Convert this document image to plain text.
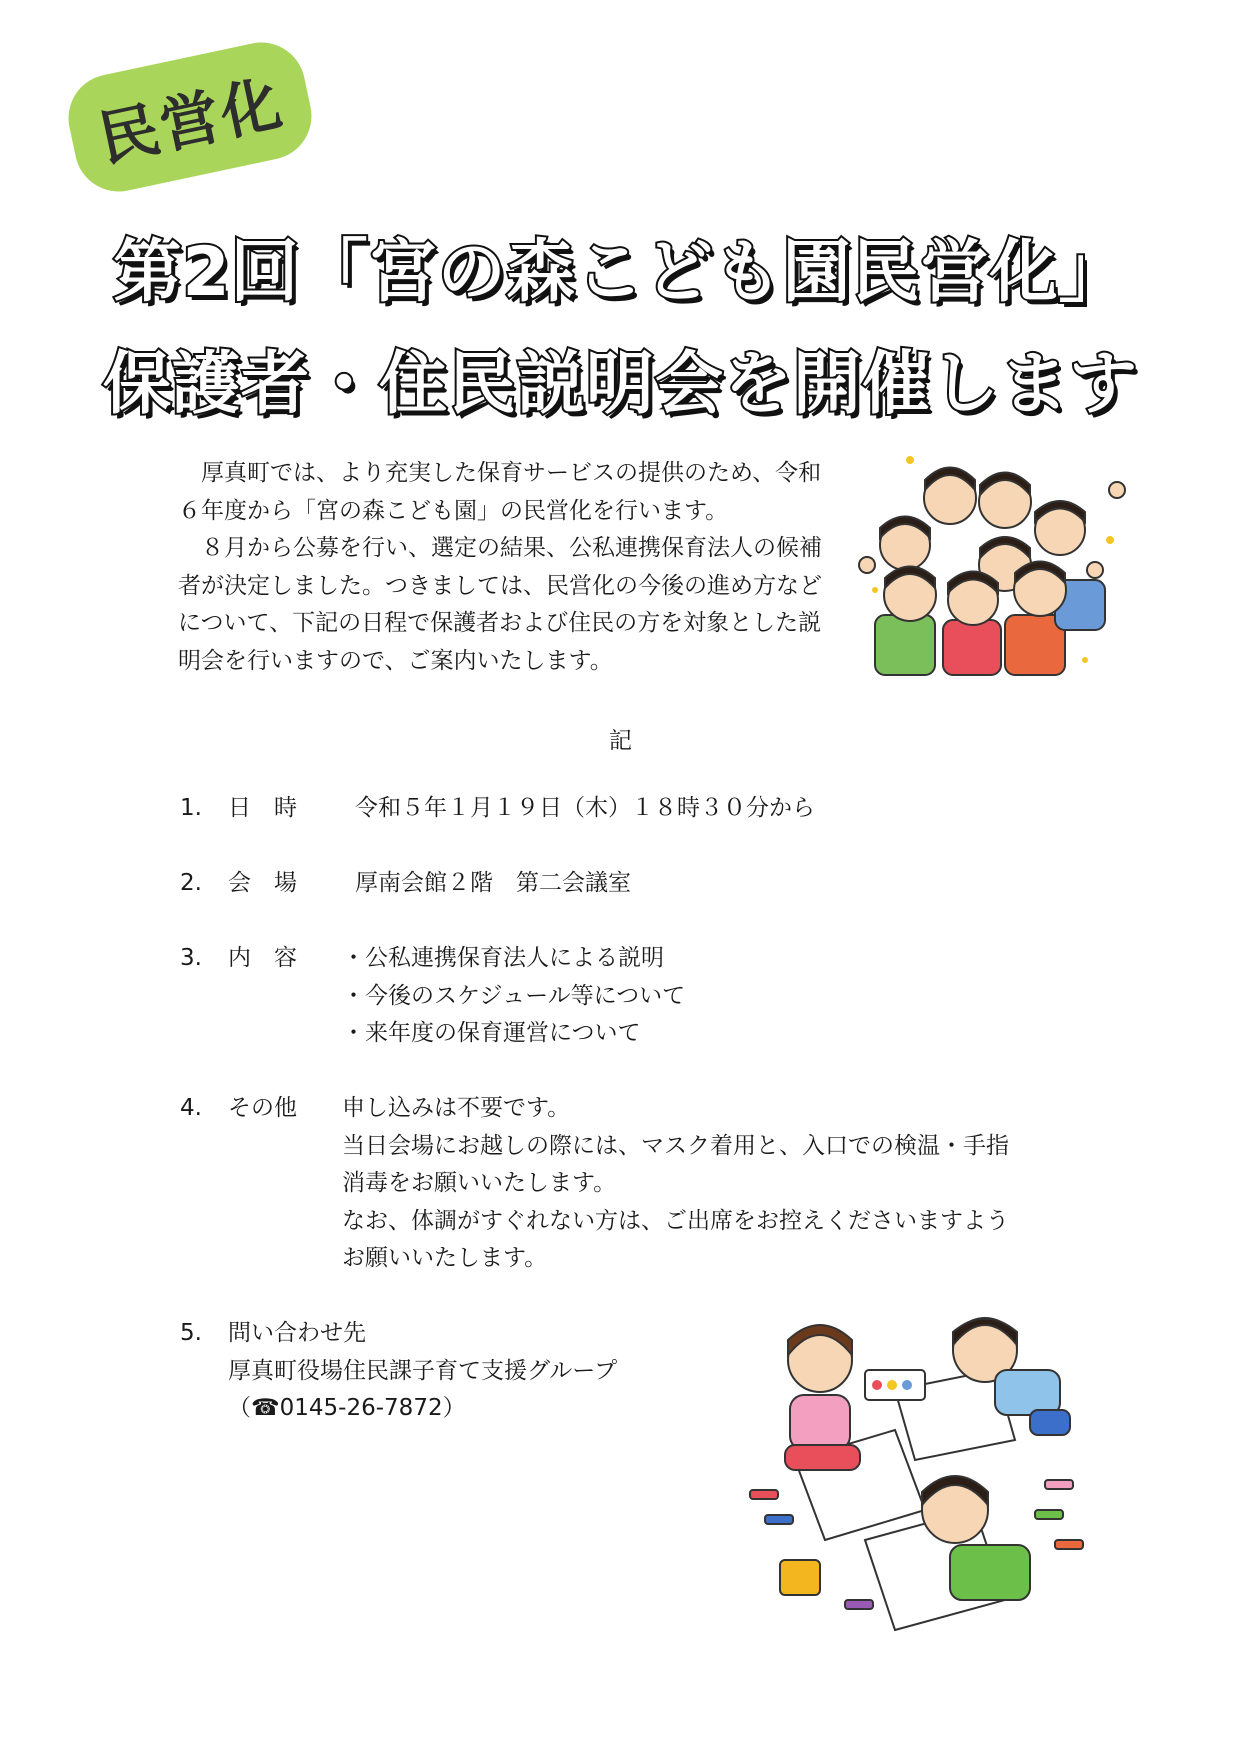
民営化
第2回「宮の森こども園民営化」
保護者・住民説明会を開催します

厚真町では、より充実した保育サービスの提供のため、令和６年度から「宮の森こども園」の民営化を行います。

８月から公募を行い、選定の結果、公私連携保育法人の候補者が決定しました。つきましては、民営化の今後の進め方などについて、下記の日程で保護者および住民の方を対象とした説明会を行いますので、ご案内いたします。

記
1.	日　時	令和５年１月１９日（木）１８時３０分から
2.	会　場	厚南会館２階　第二会議室
3.	内　容 ・公私連携保育法人による説明
・今後のスケジュール等について
・来年度の保育運営について
4.	その他 申し込みは不要です。
当日会場にお越しの際には、マスク着用と、入口での検温・手指
消毒をお願いいたします。
なお、体調がすぐれない方は、ご出席をお控えくださいますよう
お願いいたします。
5.	問い合わせ先
厚真町役場住民課子育て支援グループ
（☎0145-26-7872）
